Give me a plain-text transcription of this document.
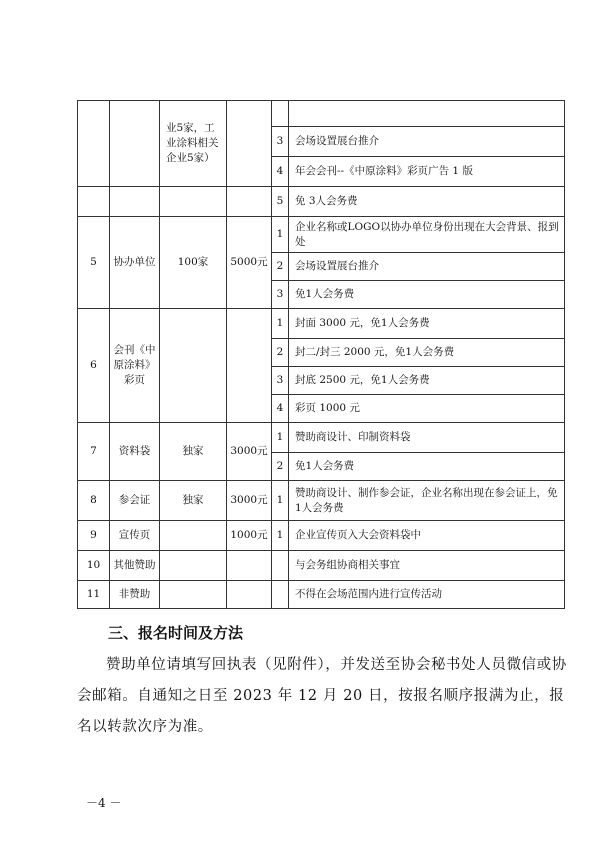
		业5家，工业涂料相关企业5家）			
				3	会场设置展台推介
				4	年会会刊--《中原涂料》彩页广告 1 版
				5	免 3人会务费
5	协办单位	100家	5000元	1	企业名称或LOGO以协办单位身份出现在大会背景、报到处
				2	会场设置展台推介
				3	免1人会务费
6	会刊《中原涂料》彩页			1	封面 3000 元，免1人会务费
				2	封二/封三 2000 元，免1人会务费
				3	封底 2500 元，免1人会务费
				4	彩页 1000 元
7	资料袋	独家	3000元	1	赞助商设计、印制资料袋
				2	免1人会务费
8	参会证	独家	3000元	1	赞助商设计、制作参会证，企业名称出现在参会证上，免1人会务费
9	宣传页		1000元	1	企业宣传页入大会资料袋中
10	其他赞助				与会务组协商相关事宜
11	非赞助				不得在会场范围内进行宣传活动
三、报名时间及方法
赞助单位请填写回执表（见附件），并发送至协会秘书处人员微信或协会邮箱。自通知之日至 2023 年 12 月 20 日，按报名顺序报满为止，报名以转款次序为准。
－4 －
